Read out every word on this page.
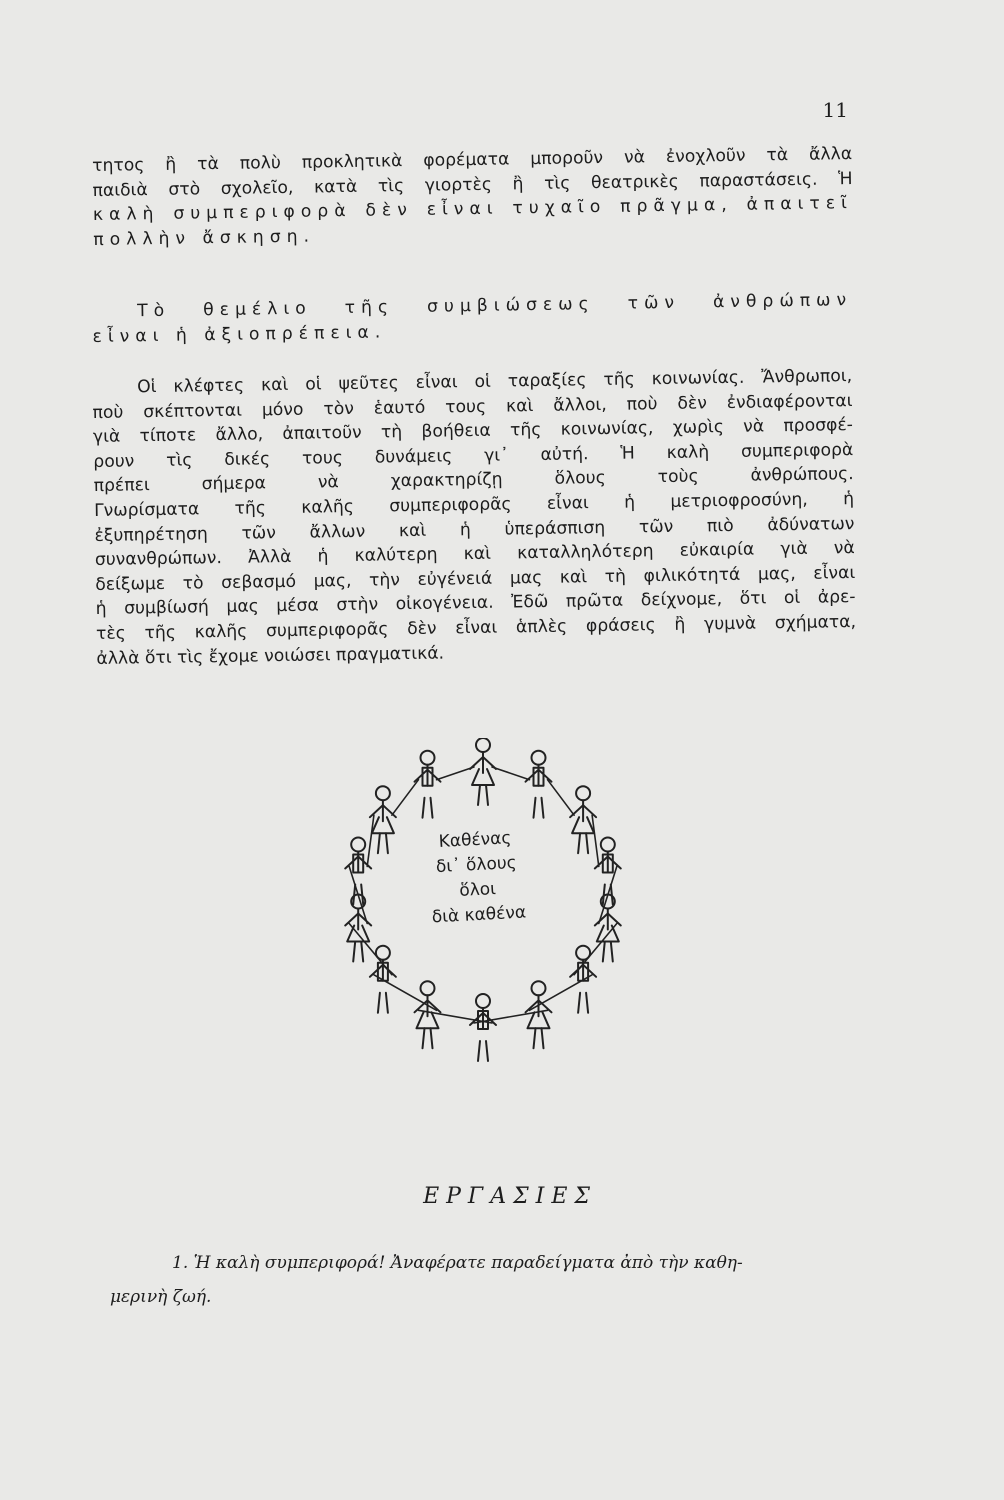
11

τητος ἢ τὰ πολὺ προκλητικὰ φορέματα μποροῦν νὰ ἐνοχλοῦν τὰ ἄλλα
παιδιὰ στὸ σχολεῖο, κατὰ τὶς γιορτὲς ἢ τὶς θεατρικὲς παραστάσεις. Ἡ
καλὴ συμπεριφορὰ δὲν εἶναι τυχαῖο πρᾶγμα, ἀπαιτεῖ
πολλὴν ἄσκηση.

Τὸ θεμέλιο τῆς συμβιώσεως τῶν ἀνθρώπων
εἶναι ἡ ἀξιοπρέπεια.

Οἱ κλέφτες καὶ οἱ ψεῦτες εἶναι οἱ ταραξίες τῆς κοινωνίας. Ἄνθρωποι,
ποὺ σκέπτονται μόνο τὸν ἑαυτό τους καὶ ἄλλοι, ποὺ δὲν ἐνδιαφέρονται
γιὰ τίποτε ἄλλο, ἀπαιτοῦν τὴ βοήθεια τῆς κοινωνίας, χωρὶς νὰ προσφέ-
ρουν τὶς δικές τους δυνάμεις γι᾽ αὐτή. Ἡ καλὴ συμπεριφορὰ
πρέπει σήμερα νὰ χαρακτηρίζῃ ὅλους τοὺς ἀνθρώπους.
Γνωρίσματα τῆς καλῆς συμπεριφορᾶς εἶναι ἡ μετριοφροσύνη, ἡ
ἐξυπηρέτηση τῶν ἄλλων καὶ ἡ ὑπεράσπιση τῶν πιὸ ἀδύνατων
συνανθρώπων. Ἀλλὰ ἡ καλύτερη καὶ καταλληλότερη εὐκαιρία γιὰ νὰ
δείξωμε τὸ σεβασμό μας, τὴν εὐγένειά μας καὶ τὴ φιλικότητά μας, εἶναι
ἡ συμβίωσή μας μέσα στὴν οἰκογένεια. Ἐδῶ πρῶτα δείχνομε, ὅτι οἱ ἀρε-
τὲς τῆς καλῆς συμπεριφορᾶς δὲν εἶναι ἁπλὲς φράσεις ἢ γυμνὰ σχήματα,
ἀλλὰ ὅτι τὶς ἔχομε νοιώσει πραγματικά.

Καθένας
δι᾽ ὅλους
ὅλοι
διὰ καθένα
ΕΡΓΑΣΙΕΣ

1. Ἡ καλὴ συμπεριφορά! Ἀναφέρατε παραδείγματα ἀπὸ τὴν καθη-
μερινὴ ζωή.
